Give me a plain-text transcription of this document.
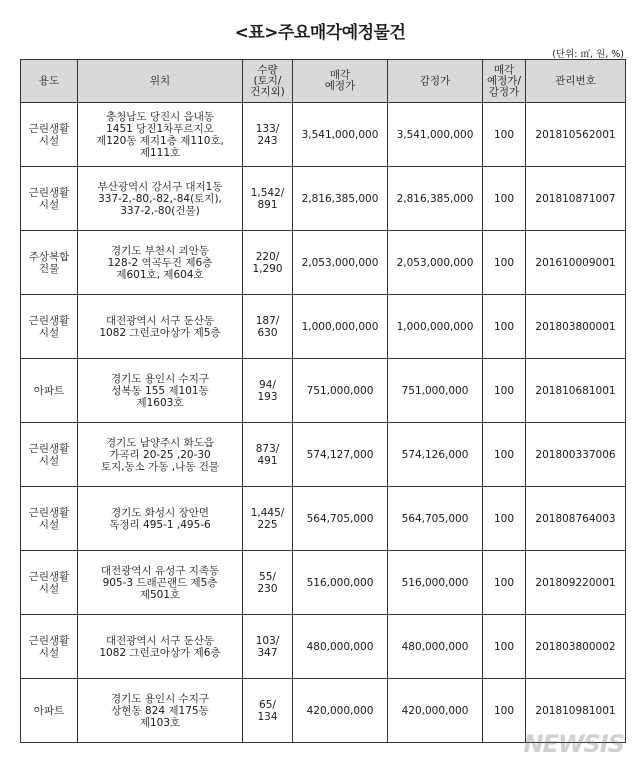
<표>주요매각예정물건
(단위: ㎡, 원, %)
용도	위치	수량
(토지/
건지외)	매각
예정가	감정가	매각
예정가/
감정가	관리번호
근린생활
시설	충청남도 당진시 읍내동
1451 당진1차푸르지오
제120동 제지1층 제110호,
제111호	133/
243	3,541,000,000	3,541,000,000	100	201810562001
근린생활
시설	부산광역시 강서구 대저1동
337-2,-80,-82,-84(토지),
337-2,-80(건물)	1,542/
891	2,816,385,000	2,816,385,000	100	201810871007
주상복합
건물	경기도 부천시 괴안동
128-2 역곡두진 제6층
제601호, 제604호	220/
1,290	2,053,000,000	2,053,000,000	100	201610009001
근린생활
시설	대전광역시 서구 둔산동
1082 그런코아상가 제5층	187/
630	1,000,000,000	1,000,000,000	100	201803800001
아파트	경기도 용인시 수지구
성복동 155 제101동
제1603호	94/
193	751,000,000	751,000,000	100	201810681001
근린생활
시설	경기도 남양주시 화도읍
가곡리 20-25 ,20-30
토지,동소 가동 ,나동 건물	873/
491	574,127,000	574,126,000	100	201800337006
근린생활
시설	경기도 화성시 장안면
독정리 495-1 ,495-6	1,445/
225	564,705,000	564,705,000	100	201808764003
근린생활
시설	대전광역시 유성구 지족동
905-3 드래곤랜드 제5층
제501호	55/
230	516,000,000	516,000,000	100	201809220001
근린생활
시설	대전광역시 서구 둔산동
1082 그런코아상가 제6층	103/
347	480,000,000	480,000,000	100	201803800002
아파트	경기도 용인시 수지구
상현동 824 제175동
제103호	65/
134	420,000,000	420,000,000	100	201810981001
NEWSIS
